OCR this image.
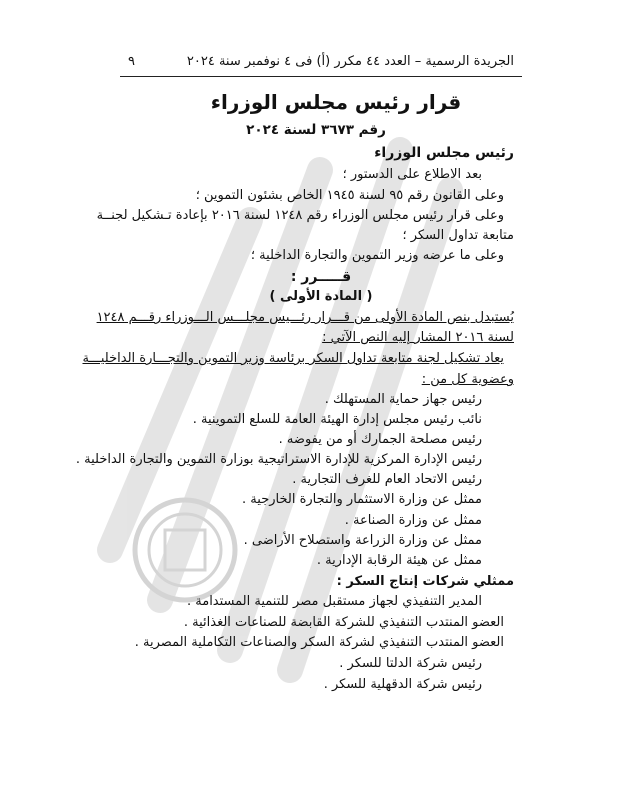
الجريدة الرسمية – العدد ٤٤ مكرر (أ) فى ٤ نوفمبر سنة ٢٠٢٤
٩
قرار رئيس مجلس الوزراء
رقم ٣٦٧٣ لسنة ٢٠٢٤
رئيس مجلس الوزراء
بعد الاطلاع على الدستور ؛
وعلى القانون رقم ٩٥ لسنة ١٩٤٥ الخاص بشئون التموين ؛
وعلى قرار رئيس مجلس الوزراء رقم ١٢٤٨ لسنة ٢٠١٦ بإعادة تـشكيل لجنــة
متابعة تداول السكر ؛
وعلى ما عرضه وزير التموين والتجارة الداخلية ؛
قـــــرر :
( المادة الأولى )
يُستبدل بنص المادة الأولى من قـــرار رئـــيس مجلـــس الـــوزراء رقـــم ١٢٤٨
لسنة ٢٠١٦ المشار إليه النص الآتي :
يعاد تشكيل لجنة متابعة تداول السكر برئاسة وزير التموين والتجـــارة الداخليـــة
وعضوية كل من :
رئيس جهاز حماية المستهلك .
نائب رئيس مجلس إدارة الهيئة العامة للسلع التموينية .
رئيس مصلحة الجمارك أو من يفوضه .
رئيس الإدارة المركزية للإدارة الاستراتيجية بوزارة التموين والتجارة الداخلية .
رئيس الاتحاد العام للغرف التجارية .
ممثل عن وزارة الاستثمار والتجارة الخارجية .
ممثل عن وزارة الصناعة .
ممثل عن وزارة الزراعة واستصلاح الأراضى .
ممثل عن هيئة الرقابة الإدارية .
ممثلي شركات إنتاج السكر :
المدير التنفيذي لجهاز مستقبل مصر للتنمية المستدامة .
العضو المنتدب التنفيذي للشركة القابضة للصناعات الغذائية .
العضو المنتدب التنفيذي لشركة السكر والصناعات التكاملية المصرية .
رئيس شركة الدلتا للسكر .
رئيس شركة الدقهلية للسكر .
